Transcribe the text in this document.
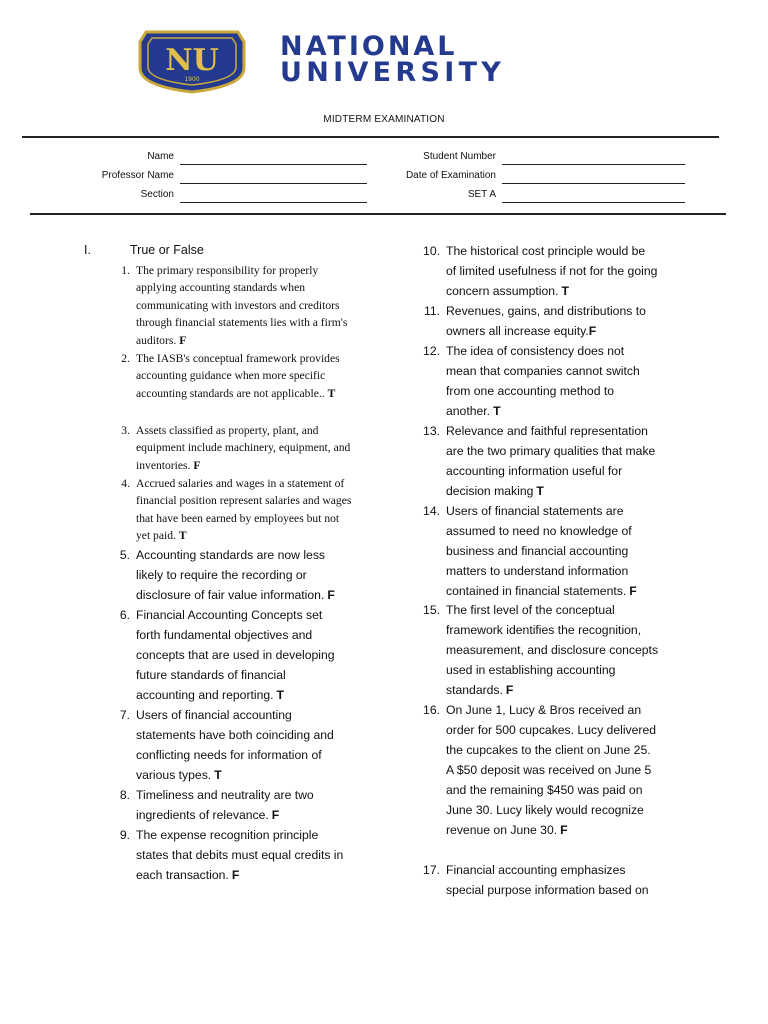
NU
1900
NATIONAL
UNIVERSITY
MIDTERM EXAMINATION
Name
Professor Name
Section
Student Number
Date of Examination
SET A
I.	True or False
1. The primary responsibility for properly applying accounting standards when communicating with investors and creditors through financial statements lies with a firm's auditors. F
2. The IASB's conceptual framework provides accounting guidance when more specific accounting standards are not applicable.. T
3. Assets classified as property, plant, and equipment include machinery, equipment, and inventories. F
4. Accrued salaries and wages in a statement of financial position represent salaries and wages that have been earned by employees but not yet paid. T
5. Accounting standards are now less likely to require the recording or disclosure of fair value information. F
6. Financial Accounting Concepts set forth fundamental objectives and concepts that are used in developing future standards of financial accounting and reporting. T
7. Users of financial accounting statements have both coinciding and conflicting needs for information of various types. T
8. Timeliness and neutrality are two ingredients of relevance. F
9. The expense recognition principle states that debits must equal credits in each transaction. F
10. The historical cost principle would be of limited usefulness if not for the going concern assumption. T
11. Revenues, gains, and distributions to owners all increase equity.F
12. The idea of consistency does not mean that companies cannot switch from one accounting method to another. T
13. Relevance and faithful representation are the two primary qualities that make accounting information useful for decision making T
14. Users of financial statements are assumed to need no knowledge of business and financial accounting matters to understand information contained in financial statements. F
15. The first level of the conceptual framework identifies the recognition, measurement, and disclosure concepts used in establishing accounting standards. F
16. On June 1, Lucy & Bros received an order for 500 cupcakes. Lucy delivered the cupcakes to the client on June 25. A $50 deposit was received on June 5 and the remaining $450 was paid on June 30. Lucy likely would recognize revenue on June 30. F
17. Financial accounting emphasizes special purpose information based on
